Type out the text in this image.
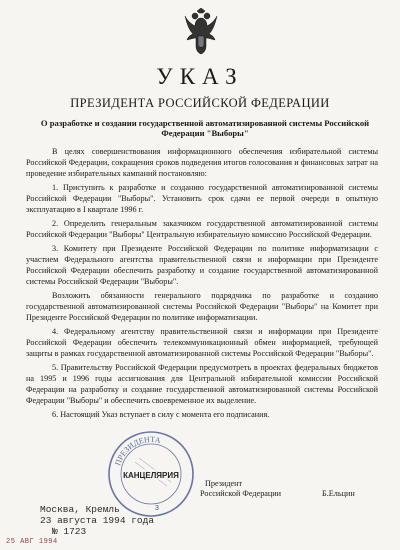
УКАЗ
ПРЕЗИДЕНТА РОССИЙСКОЙ ФЕДЕРАЦИИ
О разработке и создании государственной автоматизированной системы Российской Федерации "Выборы"

В целях совершенствования информационного обеспечения избирательной системы Российской Федерации, сокращения сроков подведения итогов голосования и финансовых затрат на проведение избирательных кампаний постановляю:

1. Приступить к разработке и созданию государственной автоматизированной системы Российской Федерации "Выборы". Установить срок сдачи ее первой очереди в опытную эксплуатацию в I квартале 1996 г.

2. Определить генеральным заказчиком государственной автоматизированной системы Российской Федерации "Выборы" Центральную избирательную комиссию Российской Федерации.

3. Комитету при Президенте Российской Федерации по политике информатизации с участием Федерального агентства правительственной связи и информации при Президенте Российской Федерации обеспечить разработку и создание государственной автоматизированной системы Российской Федерации "Выборы".

Возложить обязанности генерального подрядчика по разработке и созданию государственной автоматизированной системы Российской Федерации "Выборы" на Комитет при Президенте Российской Федерации по политике информатизации.

4. Федеральному агентству правительственной связи и информации при Президенте Российской Федерации обеспечить телекоммуникационный обмен информацией, требующей защиты в рамках государственной автоматизированной системы Российской Федерации "Выборы".

5. Правительству Российской Федерации предусмотреть в проектах федеральных бюджетов на 1995 и 1996 годы ассигнования для Центральной избирательной комиссии Российской Федерации на разработку и создание государственной автоматизированной системы Российской Федерации "Выборы" и обеспечить своевременное их выделение.

6. Настоящий Указ вступает в силу с момента его подписания.

ПРЕЗИДЕНТА
КАНЦЕЛЯРИЯ
3
Президент
Российской Федерации	Б.Ельцин
Москва, Кремль
23 августа 1994 года
№ 1723
25 АВГ 1994
